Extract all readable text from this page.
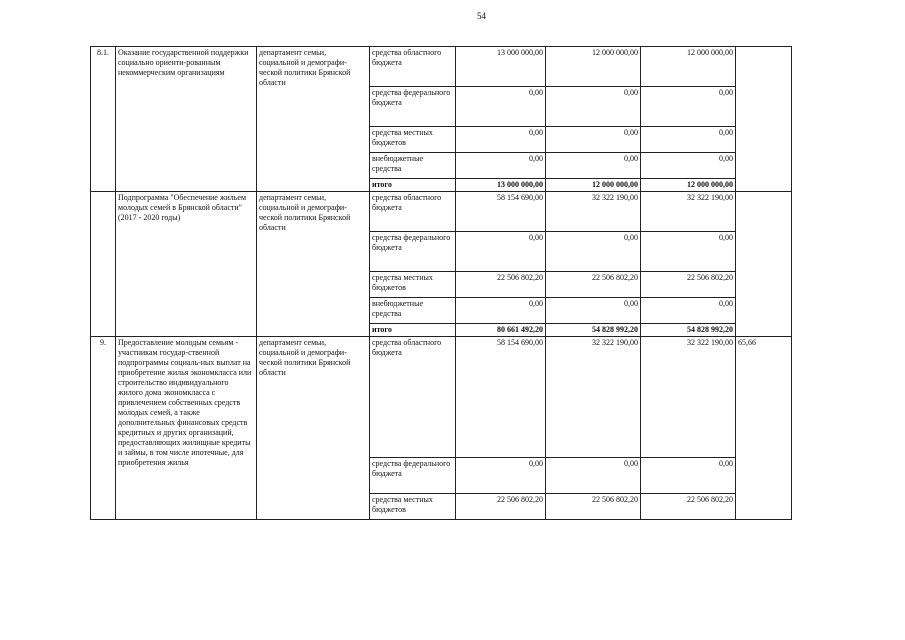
54
8.1.	Оказание государственной поддержки социально ориенти-рованным некоммерческим организациям	департамент семьи, социальной и демографи-ческой политики Брянской области	средства областного бюджета	13 000 000,00	12 000 000,00	12 000 000,00	
			средства федерального бюджета	0,00	0,00	0,00	
			средства местных бюджетов	0,00	0,00	0,00	
			внебюджетные средства	0,00	0,00	0,00	
			итого	13 000 000,00	12 000 000,00	12 000 000,00	
	Подпрограмма "Обеспечение жильем молодых семей в Брянской области" (2017 - 2020 годы)	департамент семьи, социальной и демографи-ческой политики Брянской области	средства областного бюджета	58 154 690,00	32 322 190,00	32 322 190,00	
			средства федерального бюджета	0,00	0,00	0,00	
			средства местных бюджетов	22 506 802,20	22 506 802,20	22 506 802,20	
			внебюджетные средства	0,00	0,00	0,00	
			итого	80 661 492,20	54 828 992,20	54 828 992,20	
9.	Предоставление молодым семьям - участникам государ-ственной подпрограммы социаль-ных выплат на приобретение жилья экономкласса или строительство индивидуального жилого дома экономкласса с привлечением собственных средств молодых семей, а также дополнительных финансовых средств кредитных и других организаций, предоставляющих жилищные кредиты и займы, в том числе ипотечные, для приобретения жилья	департамент семьи, социальной и демографи-ческой политики Брянской области	средства областного бюджета	58 154 690,00	32 322 190,00	32 322 190,00	65,66
			средства федерального бюджета	0,00	0,00	0,00	
			средства местных бюджетов	22 506 802,20	22 506 802,20	22 506 802,20	
